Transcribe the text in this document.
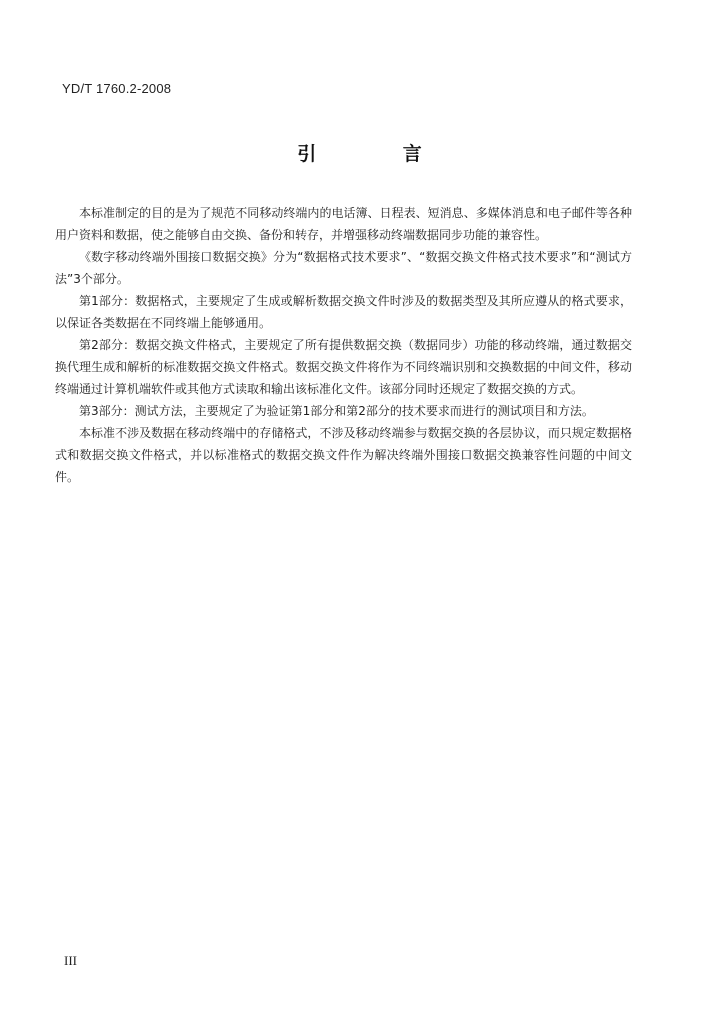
YD/T 1760.2-2008
引 言

本标准制定的目的是为了规范不同移动终端内的电话簿、日程表、短消息、多媒体消息和电子邮件等各种用户资料和数据，使之能够自由交换、备份和转存，并增强移动终端数据同步功能的兼容性。

《数字移动终端外围接口数据交换》分为“数据格式技术要求”、“数据交换文件格式技术要求”和“测试方法”3个部分。

第1部分：数据格式，主要规定了生成或解析数据交换文件时涉及的数据类型及其所应遵从的格式要求，以保证各类数据在不同终端上能够通用。

第2部分：数据交换文件格式，主要规定了所有提供数据交换（数据同步）功能的移动终端，通过数据交换代理生成和解析的标准数据交换文件格式。数据交换文件将作为不同终端识别和交换数据的中间文件，移动终端通过计算机端软件或其他方式读取和输出该标准化文件。该部分同时还规定了数据交换的方式。

第3部分：测试方法，主要规定了为验证第1部分和第2部分的技术要求而进行的测试项目和方法。

本标准不涉及数据在移动终端中的存储格式，不涉及移动终端参与数据交换的各层协议，而只规定数据格式和数据交换文件格式，并以标准格式的数据交换文件作为解决终端外围接口数据交换兼容性问题的中间文件。

III
